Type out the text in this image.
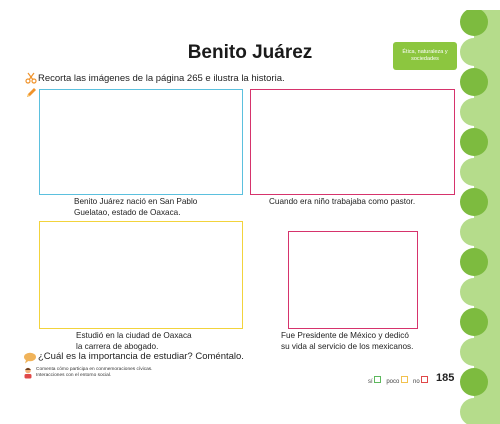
Benito Juárez	Ética, naturaleza y sociedades
Recorta las imágenes de la página 265 e ilustra la historia.
Benito Juárez nació en San Pablo
Guelatao, estado de Oaxaca.
Cuando era niño trabajaba como pastor.
Estudió en la ciudad de Oaxaca
la carrera de abogado.
Fue Presidente de México y dedicó
su vida al servicio de los mexicanos.
¿Cuál es la importancia de estudiar? Coméntalo.
Comenta cómo participa en conmemoraciones cívicas.
Interacciones con el entorno social.
sí	poco	no	185
